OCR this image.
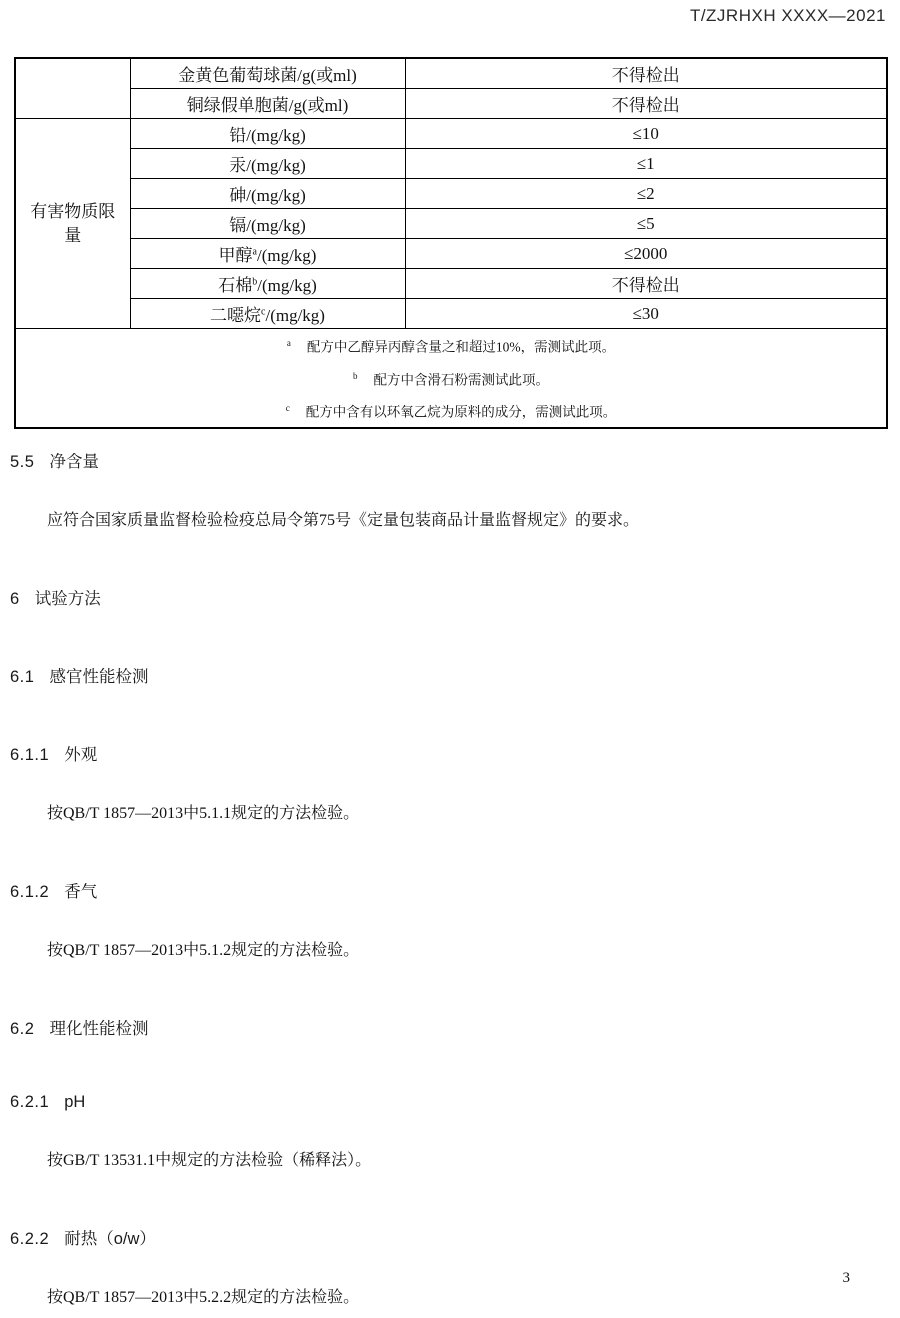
T/ZJRHXH XXXX—2021
	金黄色葡萄球菌/g(或ml)	不得检出
	铜绿假单胞菌/g(或ml)	不得检出

有害物质限量	铅/(mg/kg)	≤10
	汞/(mg/kg)	≤1
	砷/(mg/kg)	≤2
	镉/(mg/kg)	≤5
	甲醇$^a$/(mg/kg)	≤2000
	石棉$^b$/(mg/kg)	不得检出
	二噁烷$^c$/(mg/kg)	≤30

$^a$ 配方中乙醇异丙醇含量之和超过10%，需测试此项。
$^b$ 配方中含滑石粉需测试此项。
$^c$ 配方中含有以环氧乙烷为原料的成分，需测试此项。		
5.5 净含量
应符合国家质量监督检验检疫总局令第75号《定量包装商品计量监督规定》的要求。
6 试验方法
6.1 感官性能检测
6.1.1 外观
按QB/T 1857—2013中5.1.1规定的方法检验。
6.1.2 香气
按QB/T 1857—2013中5.1.2规定的方法检验。
6.2 理化性能检测
6.2.1 pH
按GB/T 13531.1中规定的方法检验（稀释法）。
6.2.2 耐热（o/w）
按QB/T 1857—2013中5.2.2规定的方法检验。
3
